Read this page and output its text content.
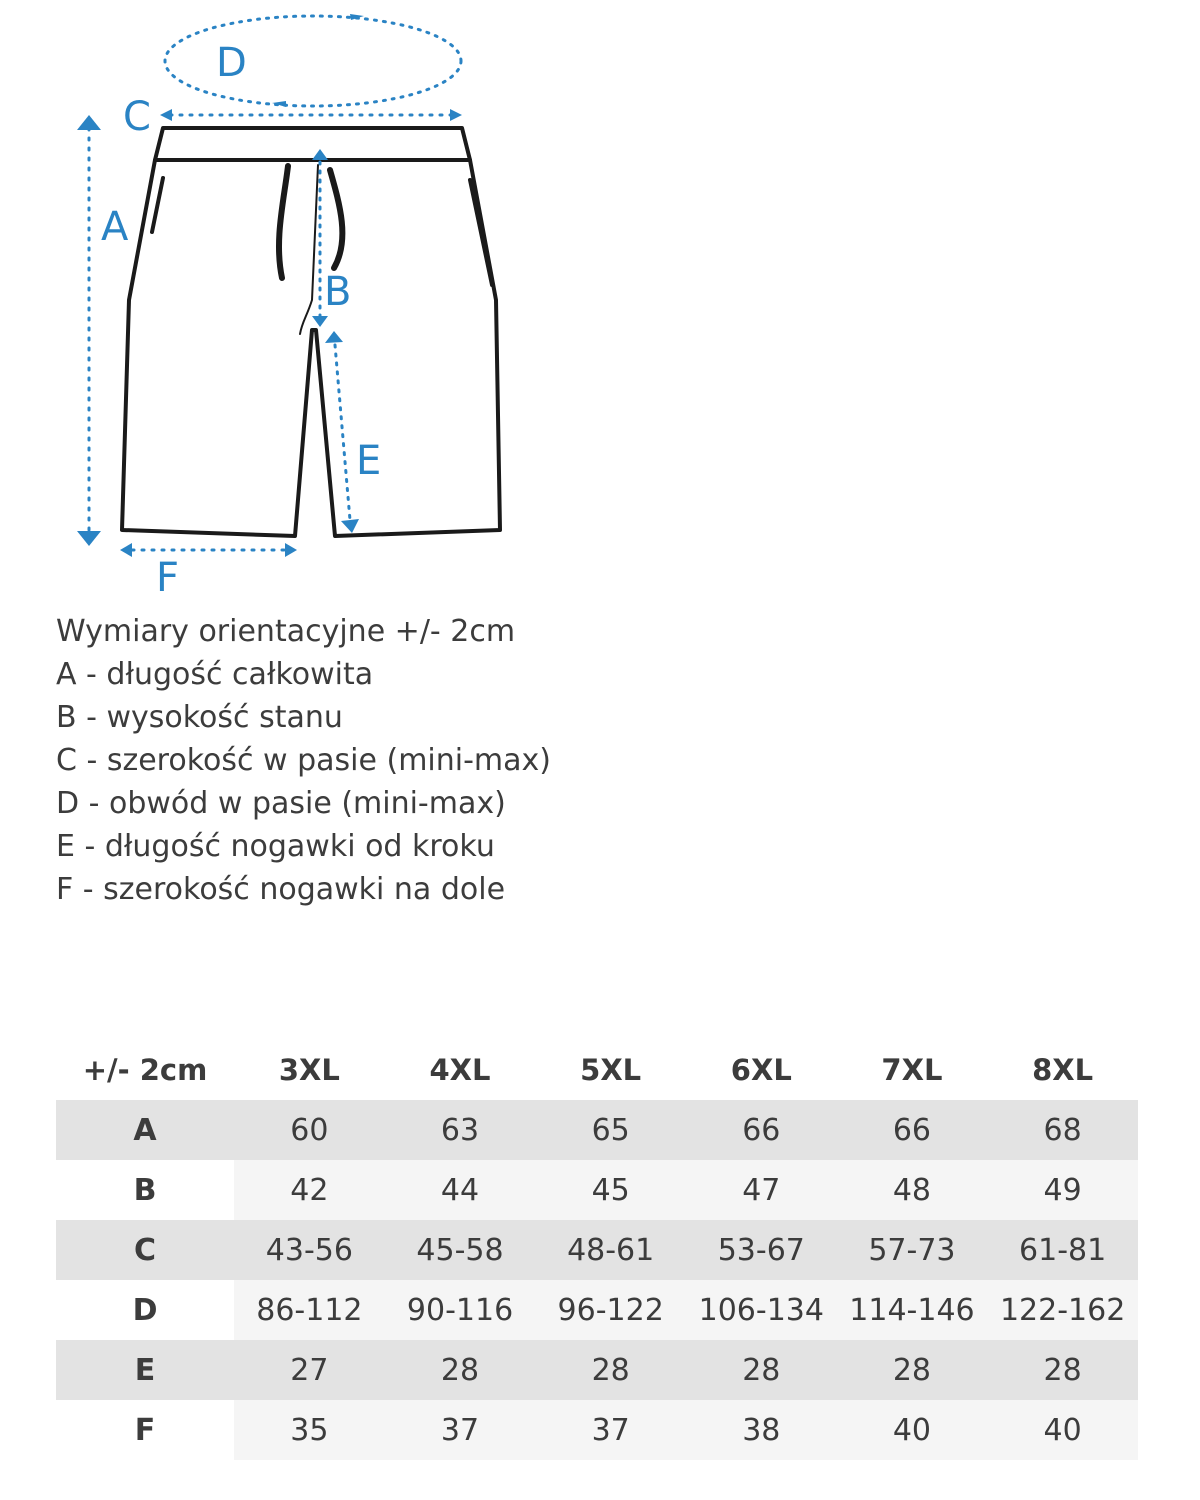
D
C
A
B
E
F
Wymiary orientacyjne +/- 2cm
A - długość całkowita
B - wysokość stanu
C - szerokość w pasie (mini-max)
D - obwód w pasie (mini-max)
E - długość nogawki od kroku
F - szerokość nogawki na dole
+/- 2cm	3XL	4XL	5XL	6XL	7XL	8XL
A	60	63	65	66	66	68
B	42	44	45	47	48	49
C	43-56	45-58	48-61	53-67	57-73	61-81
D	86-112	90-116	96-122	106-134	114-146	122-162
E	27	28	28	28	28	28
F	35	37	37	38	40	40
